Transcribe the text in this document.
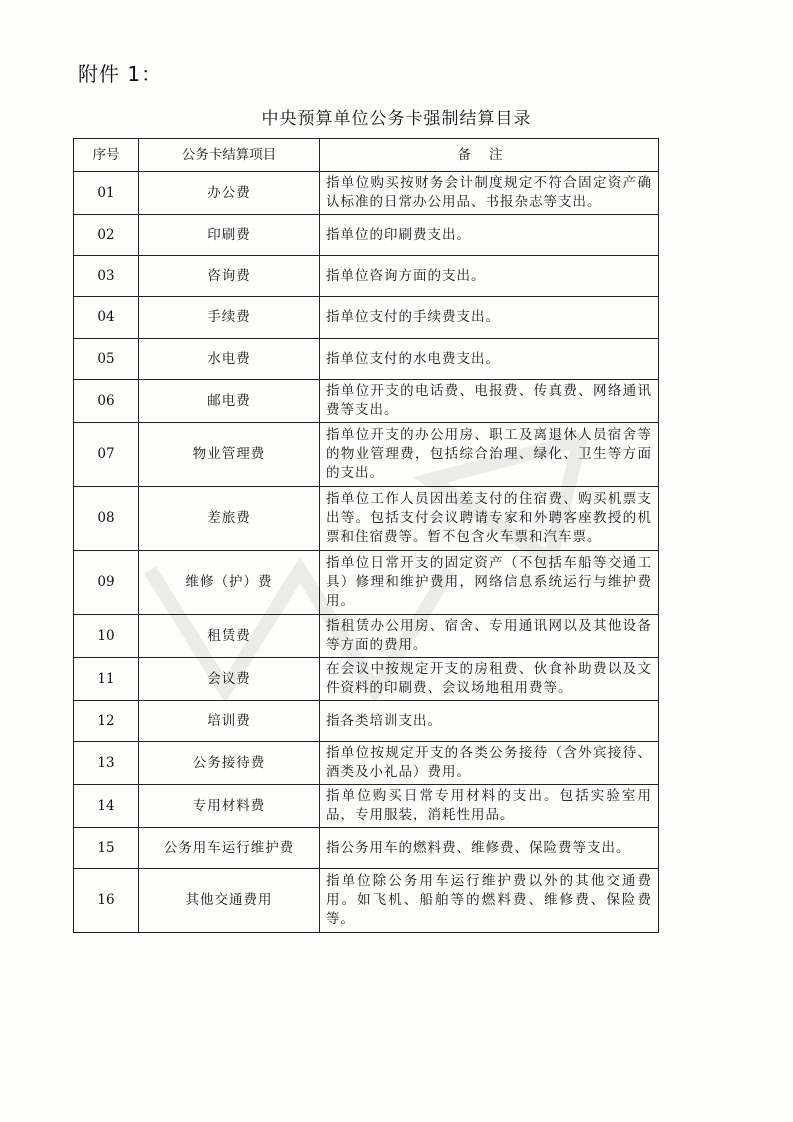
附件 1：
中央预算单位公务卡强制结算目录
序号	公务卡结算项目	备注
01	办公费	指单位购买按财务会计制度规定不符合固定资产确认标准的日常办公用品、书报杂志等支出。
02	印刷费	指单位的印刷费支出。
03	咨询费	指单位咨询方面的支出。
04	手续费	指单位支付的手续费支出。
05	水电费	指单位支付的水电费支出。
06	邮电费	指单位开支的电话费、电报费、传真费、网络通讯费等支出。
07	物业管理费	指单位开支的办公用房、职工及离退休人员宿舍等的物业管理费，包括综合治理、绿化、卫生等方面的支出。
08	差旅费	指单位工作人员因出差支付的住宿费、购买机票支出等。包括支付会议聘请专家和外聘客座教授的机票和住宿费等。暂不包含火车票和汽车票。
09	维修（护）费	指单位日常开支的固定资产（不包括车船等交通工具）修理和维护费用，网络信息系统运行与维护费用。
10	租赁费	指租赁办公用房、宿舍、专用通讯网以及其他设备等方面的费用。
11	会议费	在会议中按规定开支的房租费、伙食补助费以及文件资料的印刷费、会议场地租用费等。
12	培训费	指各类培训支出。
13	公务接待费	指单位按规定开支的各类公务接待（含外宾接待、酒类及小礼品）费用。
14	专用材料费	指单位购买日常专用材料的支出。包括实验室用品，专用服装，消耗性用品。
15	公务用车运行维护费	指公务用车的燃料费、维修费、保险费等支出。
16	其他交通费用	指单位除公务用车运行维护费以外的其他交通费用。如飞机、船舶等的燃料费、维修费、保险费等。
